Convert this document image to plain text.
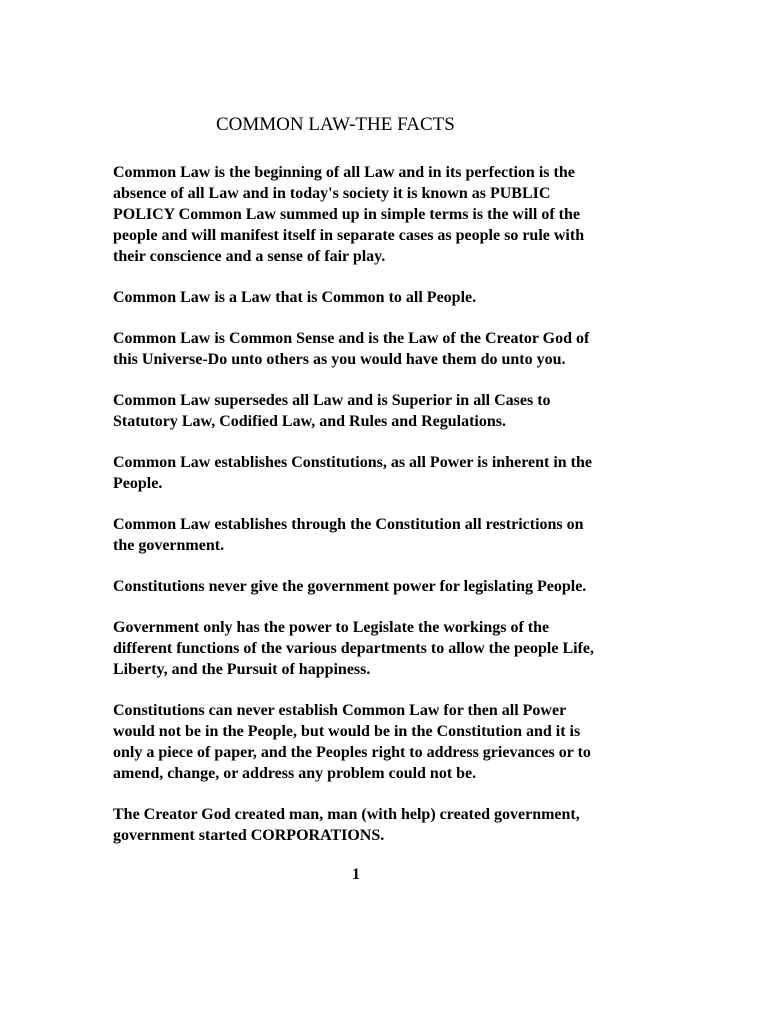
COMMON LAW-THE FACTS

Common Law is the beginning of all Law and in its perfection is the
absence of all Law and in today's society it is known as PUBLIC
POLICY Common Law summed up in simple terms is the will of the
people and will manifest itself in separate cases as people so rule with
their conscience and a sense of fair play.

Common Law is a Law that is Common to all People.

Common Law is Common Sense and is the Law of the Creator God of
this Universe-Do unto others as you would have them do unto you.

Common Law supersedes all Law and is Superior in all Cases to
Statutory Law, Codified Law, and Rules and Regulations.

Common Law establishes Constitutions, as all Power is inherent in the
People.

Common Law establishes through the Constitution all restrictions on
the government.

Constitutions never give the government power for legislating People.

Government only has the power to Legislate the workings of the
different functions of the various departments to allow the people Life,
Liberty, and the Pursuit of happiness.

Constitutions can never establish Common Law for then all Power
would not be in the People, but would be in the Constitution and it is
only a piece of paper, and the Peoples right to address grievances or to
amend, change, or address any problem could not be.

The Creator God created man, man (with help) created government,
government started CORPORATIONS.

1
